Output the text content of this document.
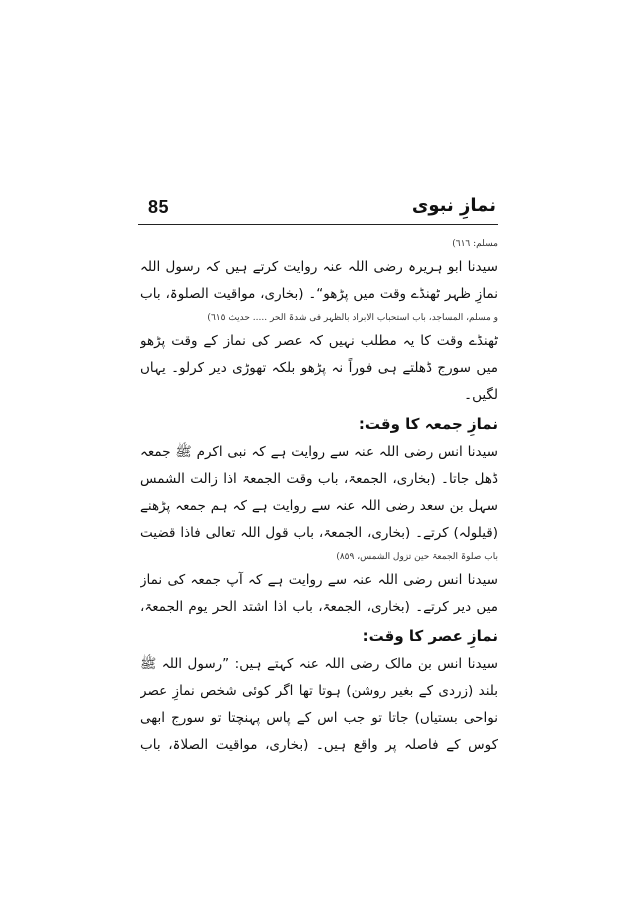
85	نمازِ نبوی

مسلم: ٦١٦)

سیدنا ابو ہریرہ رضی اللہ عنہ روایت کرتے ہیں کہ رسول اللہ

نمازِ ظہر ٹھنڈے وقت میں پڑھو“۔ (بخاری، مواقیت الصلوۃ، باب

و مسلم، المساجد، باب استحباب الابراد بالظہر فی شدۃ الحر ..... حدیث ٦١٥)

ٹھنڈے وقت کا یہ مطلب نہیں کہ عصر کی نماز کے وقت پڑھو

میں سورج ڈھلتے ہی فوراً نہ پڑھو بلکہ تھوڑی دیر کرلو۔ یہاں

لگیں۔

نمازِ جمعہ کا وقت:

سیدنا انس رضی اللہ عنہ سے روایت ہے کہ نبی اکرم ﷺ جمعہ

ڈھل جاتا۔ (بخاری، الجمعۃ، باب وقت الجمعۃ اذا زالت الشمس

سہل بن سعد رضی اللہ عنہ سے روایت ہے کہ ہم جمعہ پڑھنے

(قیلولہ) کرتے۔ (بخاری، الجمعۃ، باب قول اللہ تعالی فاذا قضیت

باب صلوۃ الجمعۃ حین تزول الشمس، ٨٥٩)

سیدنا انس رضی اللہ عنہ سے روایت ہے کہ آپ جمعہ کی نماز

میں دیر کرتے۔ (بخاری، الجمعۃ، باب اذا اشتد الحر یوم الجمعۃ،

نمازِ عصر کا وقت:

سیدنا انس بن مالک رضی اللہ عنہ کہتے ہیں: ”رسول اللہ ﷺ

بلند (زردی کے بغیر روشن) ہوتا تھا اگر کوئی شخص نمازِ عصر

نواحی بستیاں) جاتا تو جب اس کے پاس پہنچتا تو سورج ابھی

کوس کے فاصلہ پر واقع ہیں۔ (بخاری، مواقیت الصلاۃ، باب
